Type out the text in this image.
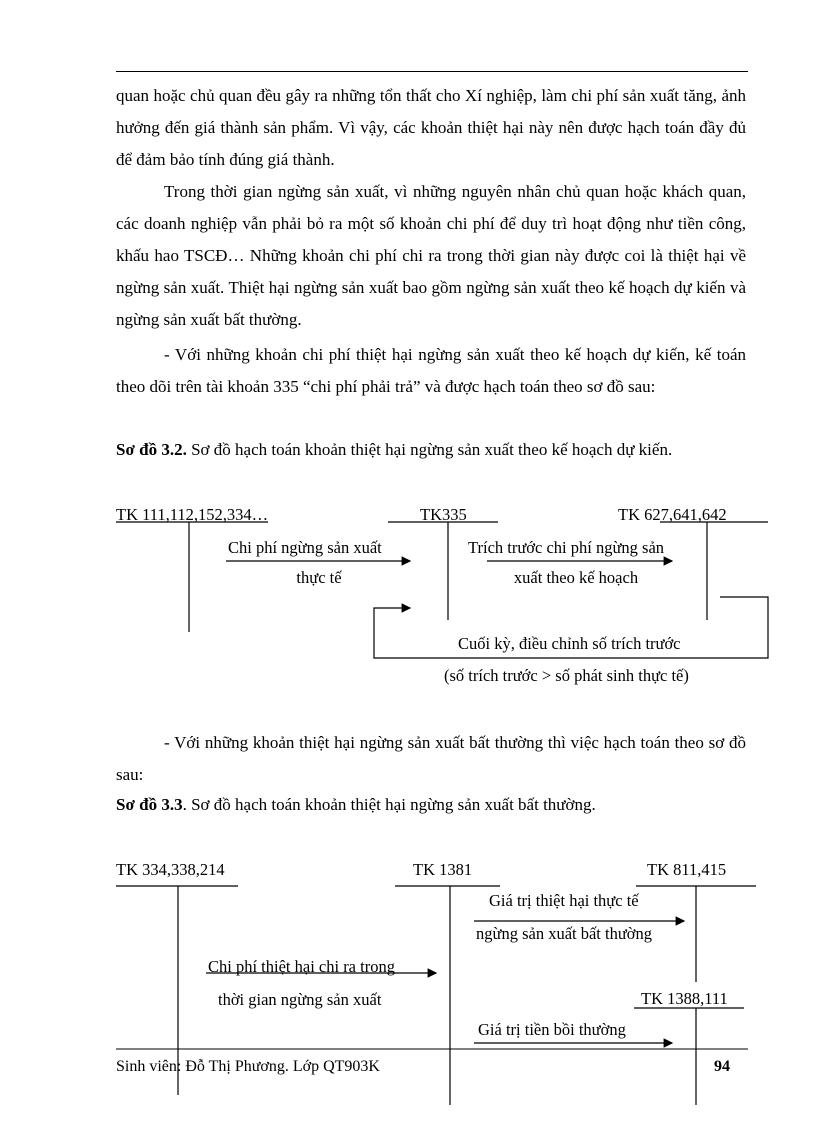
quan hoặc chủ quan đều gây ra những tổn thất cho Xí nghiệp, làm chi phí sản xuất tăng, ảnh hưởng đến giá thành sản phẩm. Vì vậy, các khoản thiệt hại này nên được hạch toán đầy đủ để đảm bảo tính đúng giá thành.
Trong thời gian ngừng sản xuất, vì những nguyên nhân chủ quan hoặc khách quan, các doanh nghiệp vẫn phải bỏ ra một số khoản chi phí để duy trì hoạt động như tiền công, khấu hao TSCĐ… Những khoản chi phí chi ra trong thời gian này được coi là thiệt hại về ngừng sản xuất. Thiệt hại ngừng sản xuất bao gồm ngừng sản xuất theo kế hoạch dự kiến và ngừng sản xuất bất thường.
- Với những khoản chi phí thiệt hại ngừng sản xuất theo kế hoạch dự kiến, kế toán theo dõi trên tài khoản 335 “chi phí phải trả” và được hạch toán theo sơ đồ sau:
Sơ đồ 3.2. Sơ đồ hạch toán khoản thiệt hại ngừng sản xuất theo kế hoạch dự kiến.
TK 111,112,152,334…	TK335	TK 627,641,642
Chi phí ngừng sản xuất
thực tế
Trích trước chi phí ngừng sản
xuất theo kế hoạch
Cuối kỳ, điều chỉnh số trích trước
(số trích trước > số phát sinh thực tế)
- Với những khoản thiệt hại ngừng sản xuất bất thường thì việc hạch toán theo sơ đồ sau:
Sơ đồ 3.3. Sơ đồ hạch toán khoản thiệt hại ngừng sản xuất bất thường.
TK 334,338,214	TK 1381	TK 811,415
TK 1388,111
Giá trị thiệt hại thực tế
ngừng sản xuất bất thường
Chi phí thiệt hại chi ra trong
thời gian ngừng sản xuất
Giá trị tiền bồi thường
Sinh viên: Đỗ Thị Phương. Lớp QT903K	94
